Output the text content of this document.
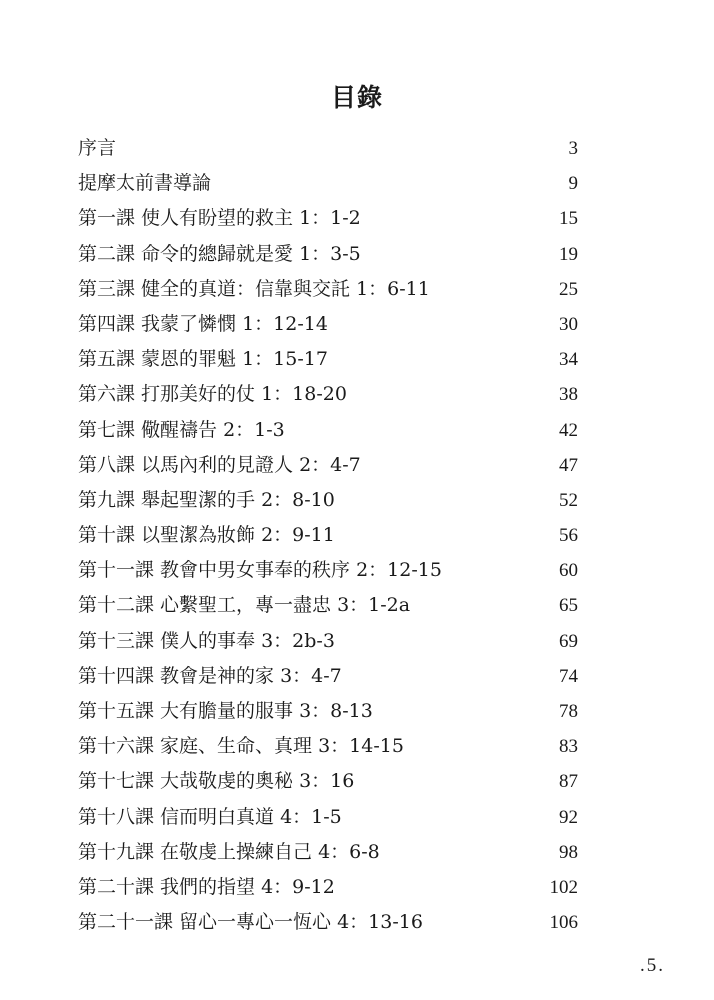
目錄
序言	3
提摩太前書導論	9
第一課 使人有盼望的救主 1：1-2	15
第二課 命令的總歸就是愛 1：3-5	19
第三課 健全的真道：信靠與交託 1：6-11	25
第四課 我蒙了憐憫 1：12-14	30
第五課 蒙恩的罪魁 1：15-17	34
第六課 打那美好的仗 1：18-20	38
第七課 儆醒禱告 2：1-3	42
第八課 以馬內利的見證人 2：4-7	47
第九課 舉起聖潔的手 2：8-10	52
第十課 以聖潔為妝飾 2：9-11	56
第十一課 教會中男女事奉的秩序 2：12-15	60
第十二課 心繫聖工，專一盡忠 3：1-2a	65
第十三課 僕人的事奉 3：2b-3	69
第十四課 教會是神的家 3：4-7	74
第十五課 大有膽量的服事 3：8-13	78
第十六課 家庭、生命、真理 3：14-15	83
第十七課 大哉敬虔的奧秘 3：16	87
第十八課 信而明白真道 4：1-5	92
第十九課 在敬虔上操練自己 4：6-8	98
第二十課 我們的指望 4：9-12	102
第二十一課 留心一專心一恆心 4：13-16	106
.5.
